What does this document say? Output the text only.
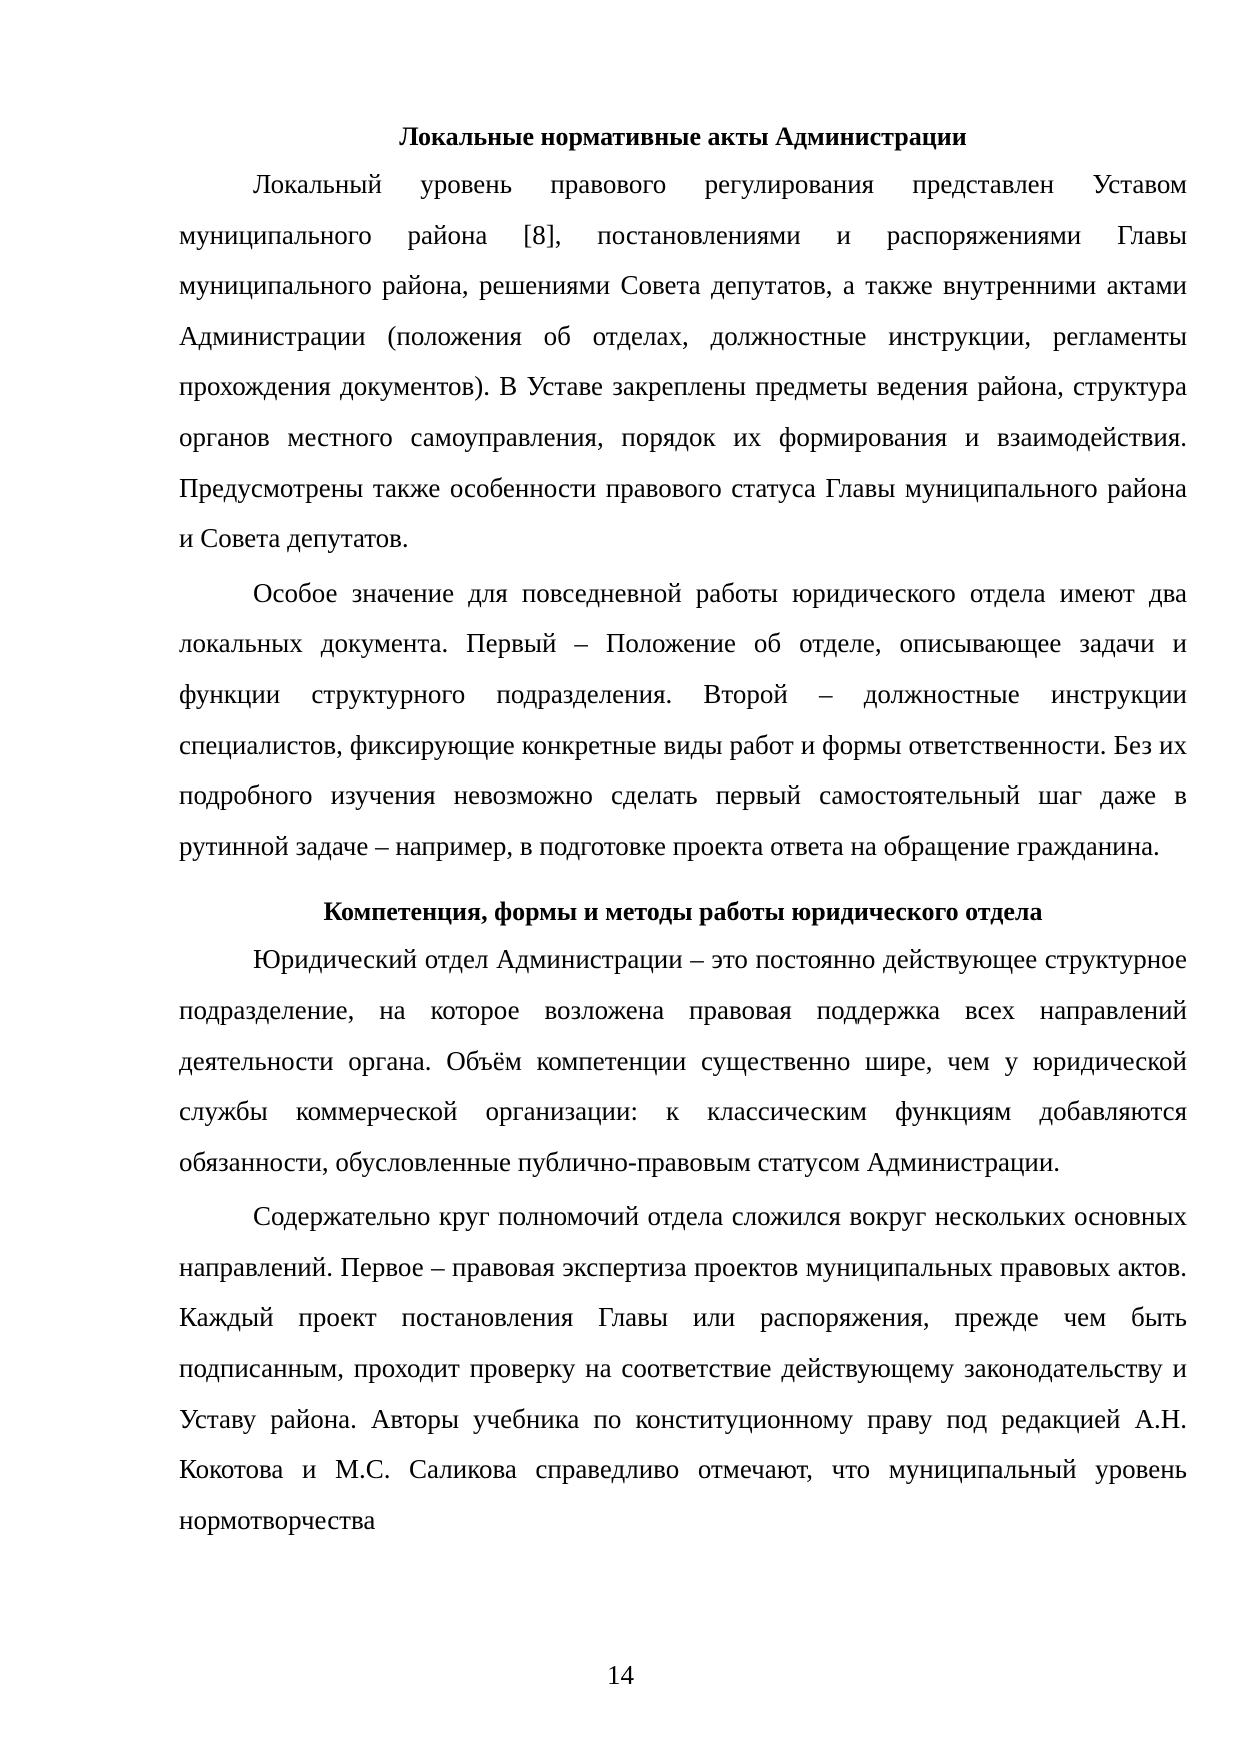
Локальные нормативные акты Администрации

Локальный уровень правового регулирования представлен Уставом муниципального района [8], постановлениями и распоряжениями Главы муниципального района, решениями Совета депутатов, а также внутренними актами Администрации (положения об отделах, должностные инструкции, регламенты прохождения документов). В Уставе закреплены предметы ведения района, структура органов местного самоуправления, порядок их формирования и взаимодействия. Предусмотрены также особенности правового статуса Главы муниципального района и Совета депутатов.

Особое значение для повседневной работы юридического отдела имеют два локальных документа. Первый – Положение об отделе, описывающее задачи и функции структурного подразделения. Второй – должностные инструкции специалистов, фиксирующие конкретные виды работ и формы ответственности. Без их подробного изучения невозможно сделать первый самостоятельный шаг даже в рутинной задаче – например, в подготовке проекта ответа на обращение гражданина.

Компетенция, формы и методы работы юридического отдела

Юридический отдел Администрации – это постоянно действующее структурное подразделение, на которое возложена правовая поддержка всех направлений деятельности органа. Объём компетенции существенно шире, чем у юридической службы коммерческой организации: к классическим функциям добавляются обязанности, обусловленные публично-правовым статусом Администрации.

Содержательно круг полномочий отдела сложился вокруг нескольких основных направлений. Первое – правовая экспертиза проектов муниципальных правовых актов. Каждый проект постановления Главы или распоряжения, прежде чем быть подписанным, проходит проверку на соответствие действующему законодательству и Уставу района. Авторы учебника по конституционному праву под редакцией А.Н. Кокотова и М.С. Саликова справедливо отмечают, что муниципальный уровень нормотворчества

14
